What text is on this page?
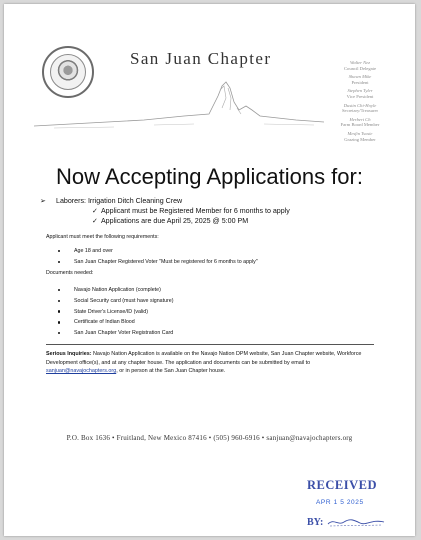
San Juan Chapter	Walter Nez
Council Delegate
Shawn Mike
President
Stephen Tyler
Vice President
Dustin Chi-Hoyle
Secretary/Treasurer
Herbert Ch
Farm Board Member
Mesfin Tsosie
Grazing Member
Now Accepting Applications for:
➢ Laborers: Irrigation Ditch Cleaning Crew
✓ Applicant must be Registered Member for 6 months to apply
✓ Applications are due April 25, 2025 @ 5:00 PM
Applicant must meet the following requirements:
Age 18 and over
San Juan Chapter Registered Voter "Must be registered for 6 months to apply"
Documents needed:
Navajo Nation Application (complete)
Social Security card (must have signature)
State Driver's License/ID (valid)
Certificate of Indian Blood
San Juan Chapter Voter Registration Card
Serious Inquiries: Navajo Nation Application is available on the Navajo Nation DPM website, San Juan Chapter website, Workforce Development office(s), and at any chapter house. The application and documents can be submitted by email to sanjuan@navajochapters.org, or in person at the San Juan Chapter house.
P.O. Box 1636 • Fruitland, New Mexico 87416 • (505) 960-6916 • sanjuan@navajochapters.org
RECEIVED
APR 1 5 2025
BY:
